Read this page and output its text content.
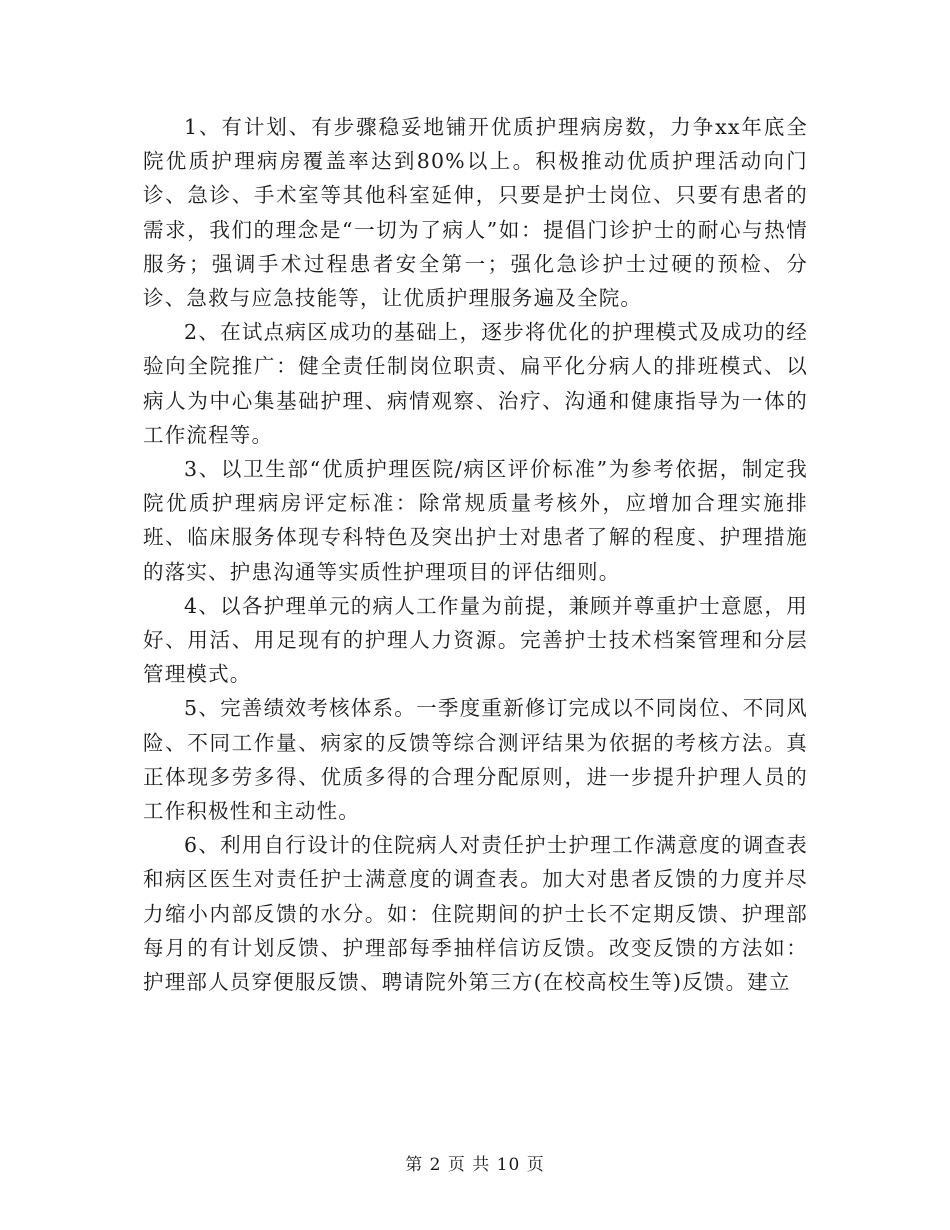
1、有计划、有步骤稳妥地铺开优质护理病房数，力争xx年底全院优质护理病房覆盖率达到80%以上。积极推动优质护理活动向门诊、急诊、手术室等其他科室延伸，只要是护士岗位、只要有患者的需求，我们的理念是“一切为了病人”如：提倡门诊护士的耐心与热情服务；强调手术过程患者安全第一；强化急诊护士过硬的预检、分诊、急救与应急技能等，让优质护理服务遍及全院。

2、在试点病区成功的基础上，逐步将优化的护理模式及成功的经验向全院推广：健全责任制岗位职责、扁平化分病人的排班模式、以病人为中心集基础护理、病情观察、治疗、沟通和健康指导为一体的工作流程等。

3、以卫生部“优质护理医院/病区评价标准”为参考依据，制定我院优质护理病房评定标准：除常规质量考核外，应增加合理实施排班、临床服务体现专科特色及突出护士对患者了解的程度、护理措施的落实、护患沟通等实质性护理项目的评估细则。

4、以各护理单元的病人工作量为前提，兼顾并尊重护士意愿，用好、用活、用足现有的护理人力资源。完善护士技术档案管理和分层管理模式。

5、完善绩效考核体系。一季度重新修订完成以不同岗位、不同风险、不同工作量、病家的反馈等综合测评结果为依据的考核方法。真正体现多劳多得、优质多得的合理分配原则，进一步提升护理人员的工作积极性和主动性。

6、利用自行设计的住院病人对责任护士护理工作满意度的调查表和病区医生对责任护士满意度的调查表。加大对患者反馈的力度并尽力缩小内部反馈的水分。如：住院期间的护士长不定期反馈、护理部每月的有计划反馈、护理部每季抽样信访反馈。改变反馈的方法如：护理部人员穿便服反馈、聘请院外第三方(在校高校生等)反馈。建立

第 2 页 共 10 页
